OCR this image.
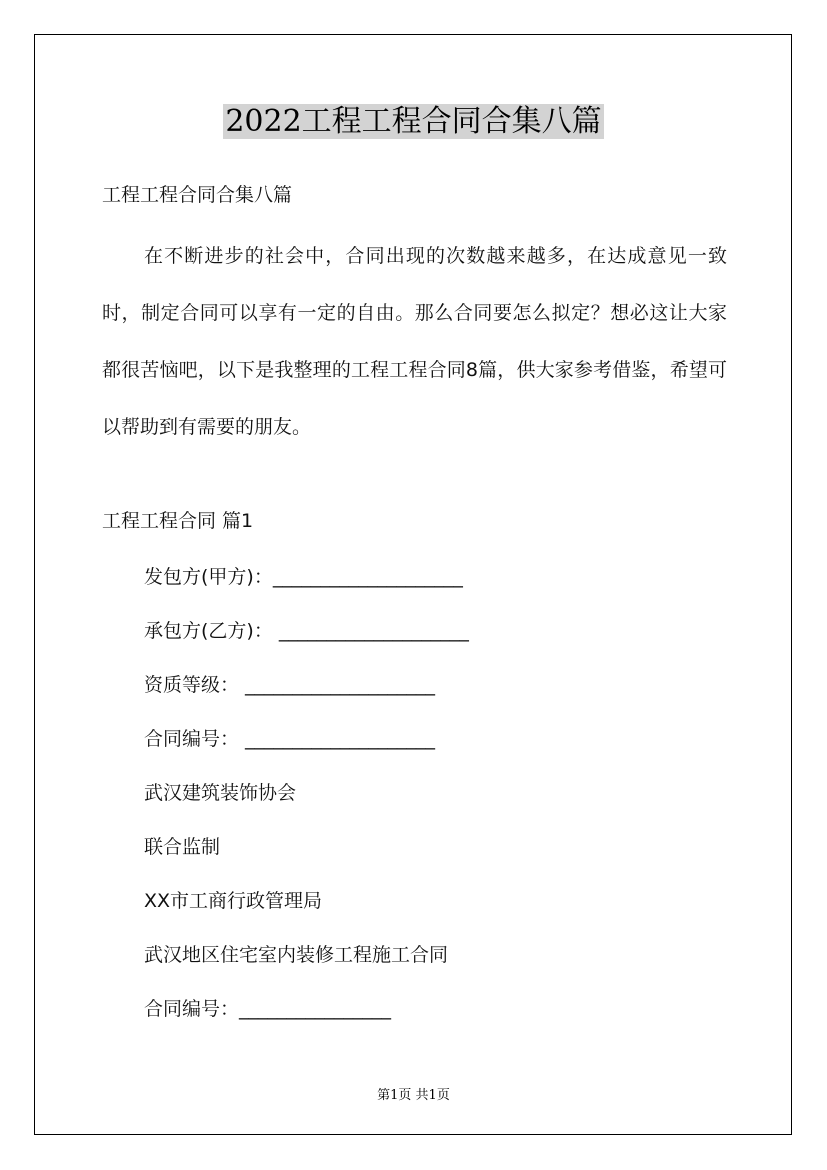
2022工程工程合同合集八篇
工程工程合同合集八篇
在不断进步的社会中，合同出现的次数越来越多，在达成意见一致时，制定合同可以享有一定的自由。那么合同要怎么拟定？想必这让大家都很苦恼吧，以下是我整理的工程工程合同8篇，供大家参考借鉴，希望可以帮助到有需要的朋友。
工程工程合同 篇1
发包方(甲方)：____________________
承包方(乙方)： ____________________
资质等级： ____________________
合同编号： ____________________
武汉建筑装饰协会
联合监制
XX市工商行政管理局
武汉地区住宅室内装修工程施工合同
合同编号：________________
第1页 共1页
